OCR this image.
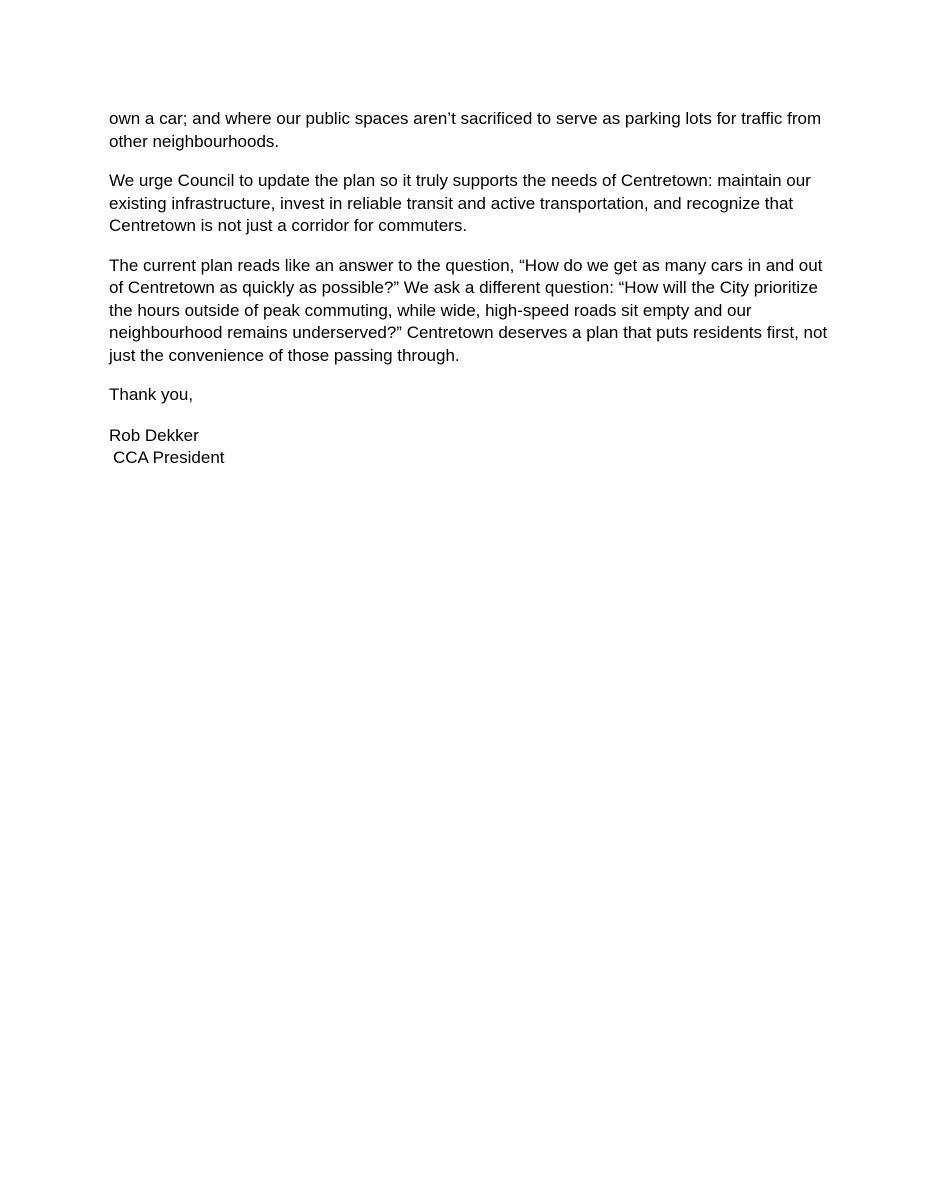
own a car; and where our public spaces aren’t sacrificed to serve as parking lots for traffic from other neighbourhoods.

We urge Council to update the plan so it truly supports the needs of Centretown: maintain our existing infrastructure, invest in reliable transit and active transportation, and recognize that Centretown is not just a corridor for commuters.

The current plan reads like an answer to the question, “How do we get as many cars in and out of Centretown as quickly as possible?” We ask a different question: “How will the City prioritize the hours outside of peak commuting, while wide, high-speed roads sit empty and our neighbourhood remains underserved?” Centretown deserves a plan that puts residents first, not just the convenience of those passing through.

Thank you,

Rob Dekker

CCA President
